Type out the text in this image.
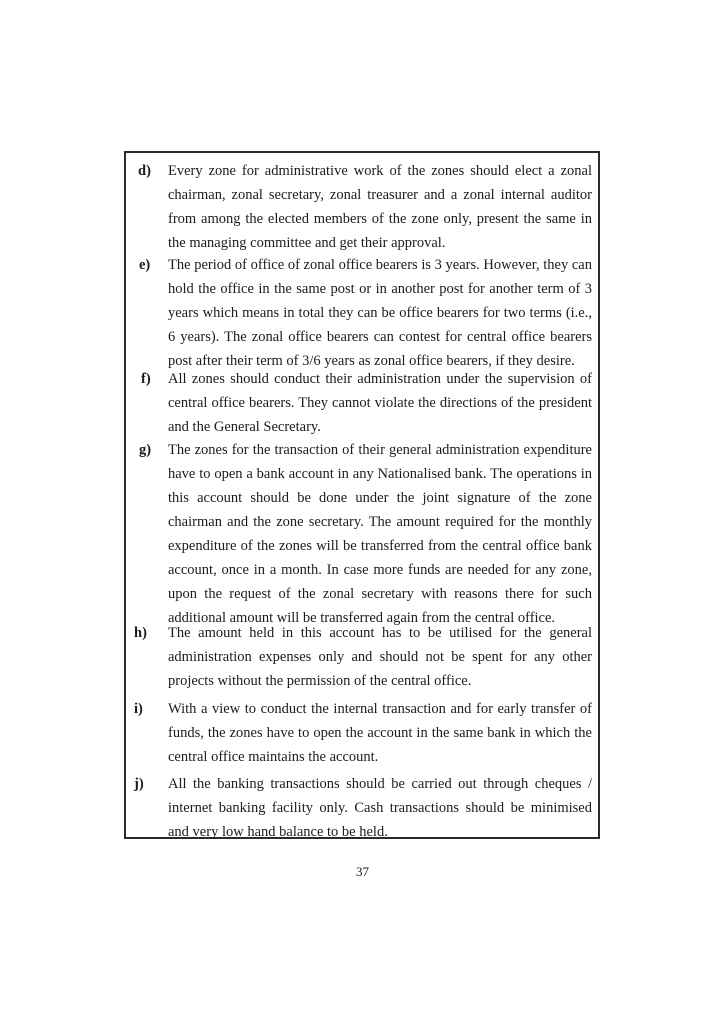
d) Every zone for administrative work of the zones should elect a zonal chairman, zonal secretary, zonal treasurer and a zonal internal auditor from among the elected members of the zone only, present the same in the managing committee and get their approval.
e) The period of office of zonal office bearers is 3 years. However, they can hold the office in the same post or in another post for another term of 3 years which means in total they can be office bearers for two terms (i.e., 6 years). The zonal office bearers can contest for central office bearers post after their term of 3/6 years as zonal office bearers, if they desire.
f) All zones should conduct their administration under the supervision of central office bearers. They cannot violate the directions of the president and the General Secretary.
g) The zones for the transaction of their general administration expenditure have to open a bank account in any Nationalised bank. The operations in this account should be done under the joint signature of the zone chairman and the zone secretary. The amount required for the monthly expenditure of the zones will be transferred from the central office bank account, once in a month. In case more funds are needed for any zone, upon the request of the zonal secretary with reasons there for such additional amount will be transferred again from the central office.
h) The amount held in this account has to be utilised for the general administration expenses only and should not be spent for any other projects without the permission of the central office.
i) With a view to conduct the internal transaction and for early transfer of funds, the zones have to open the account in the same bank in which the central office maintains the account.
j) All the banking transactions should be carried out through cheques / internet banking facility only. Cash transactions should be minimised and very low hand balance to be held.
37
